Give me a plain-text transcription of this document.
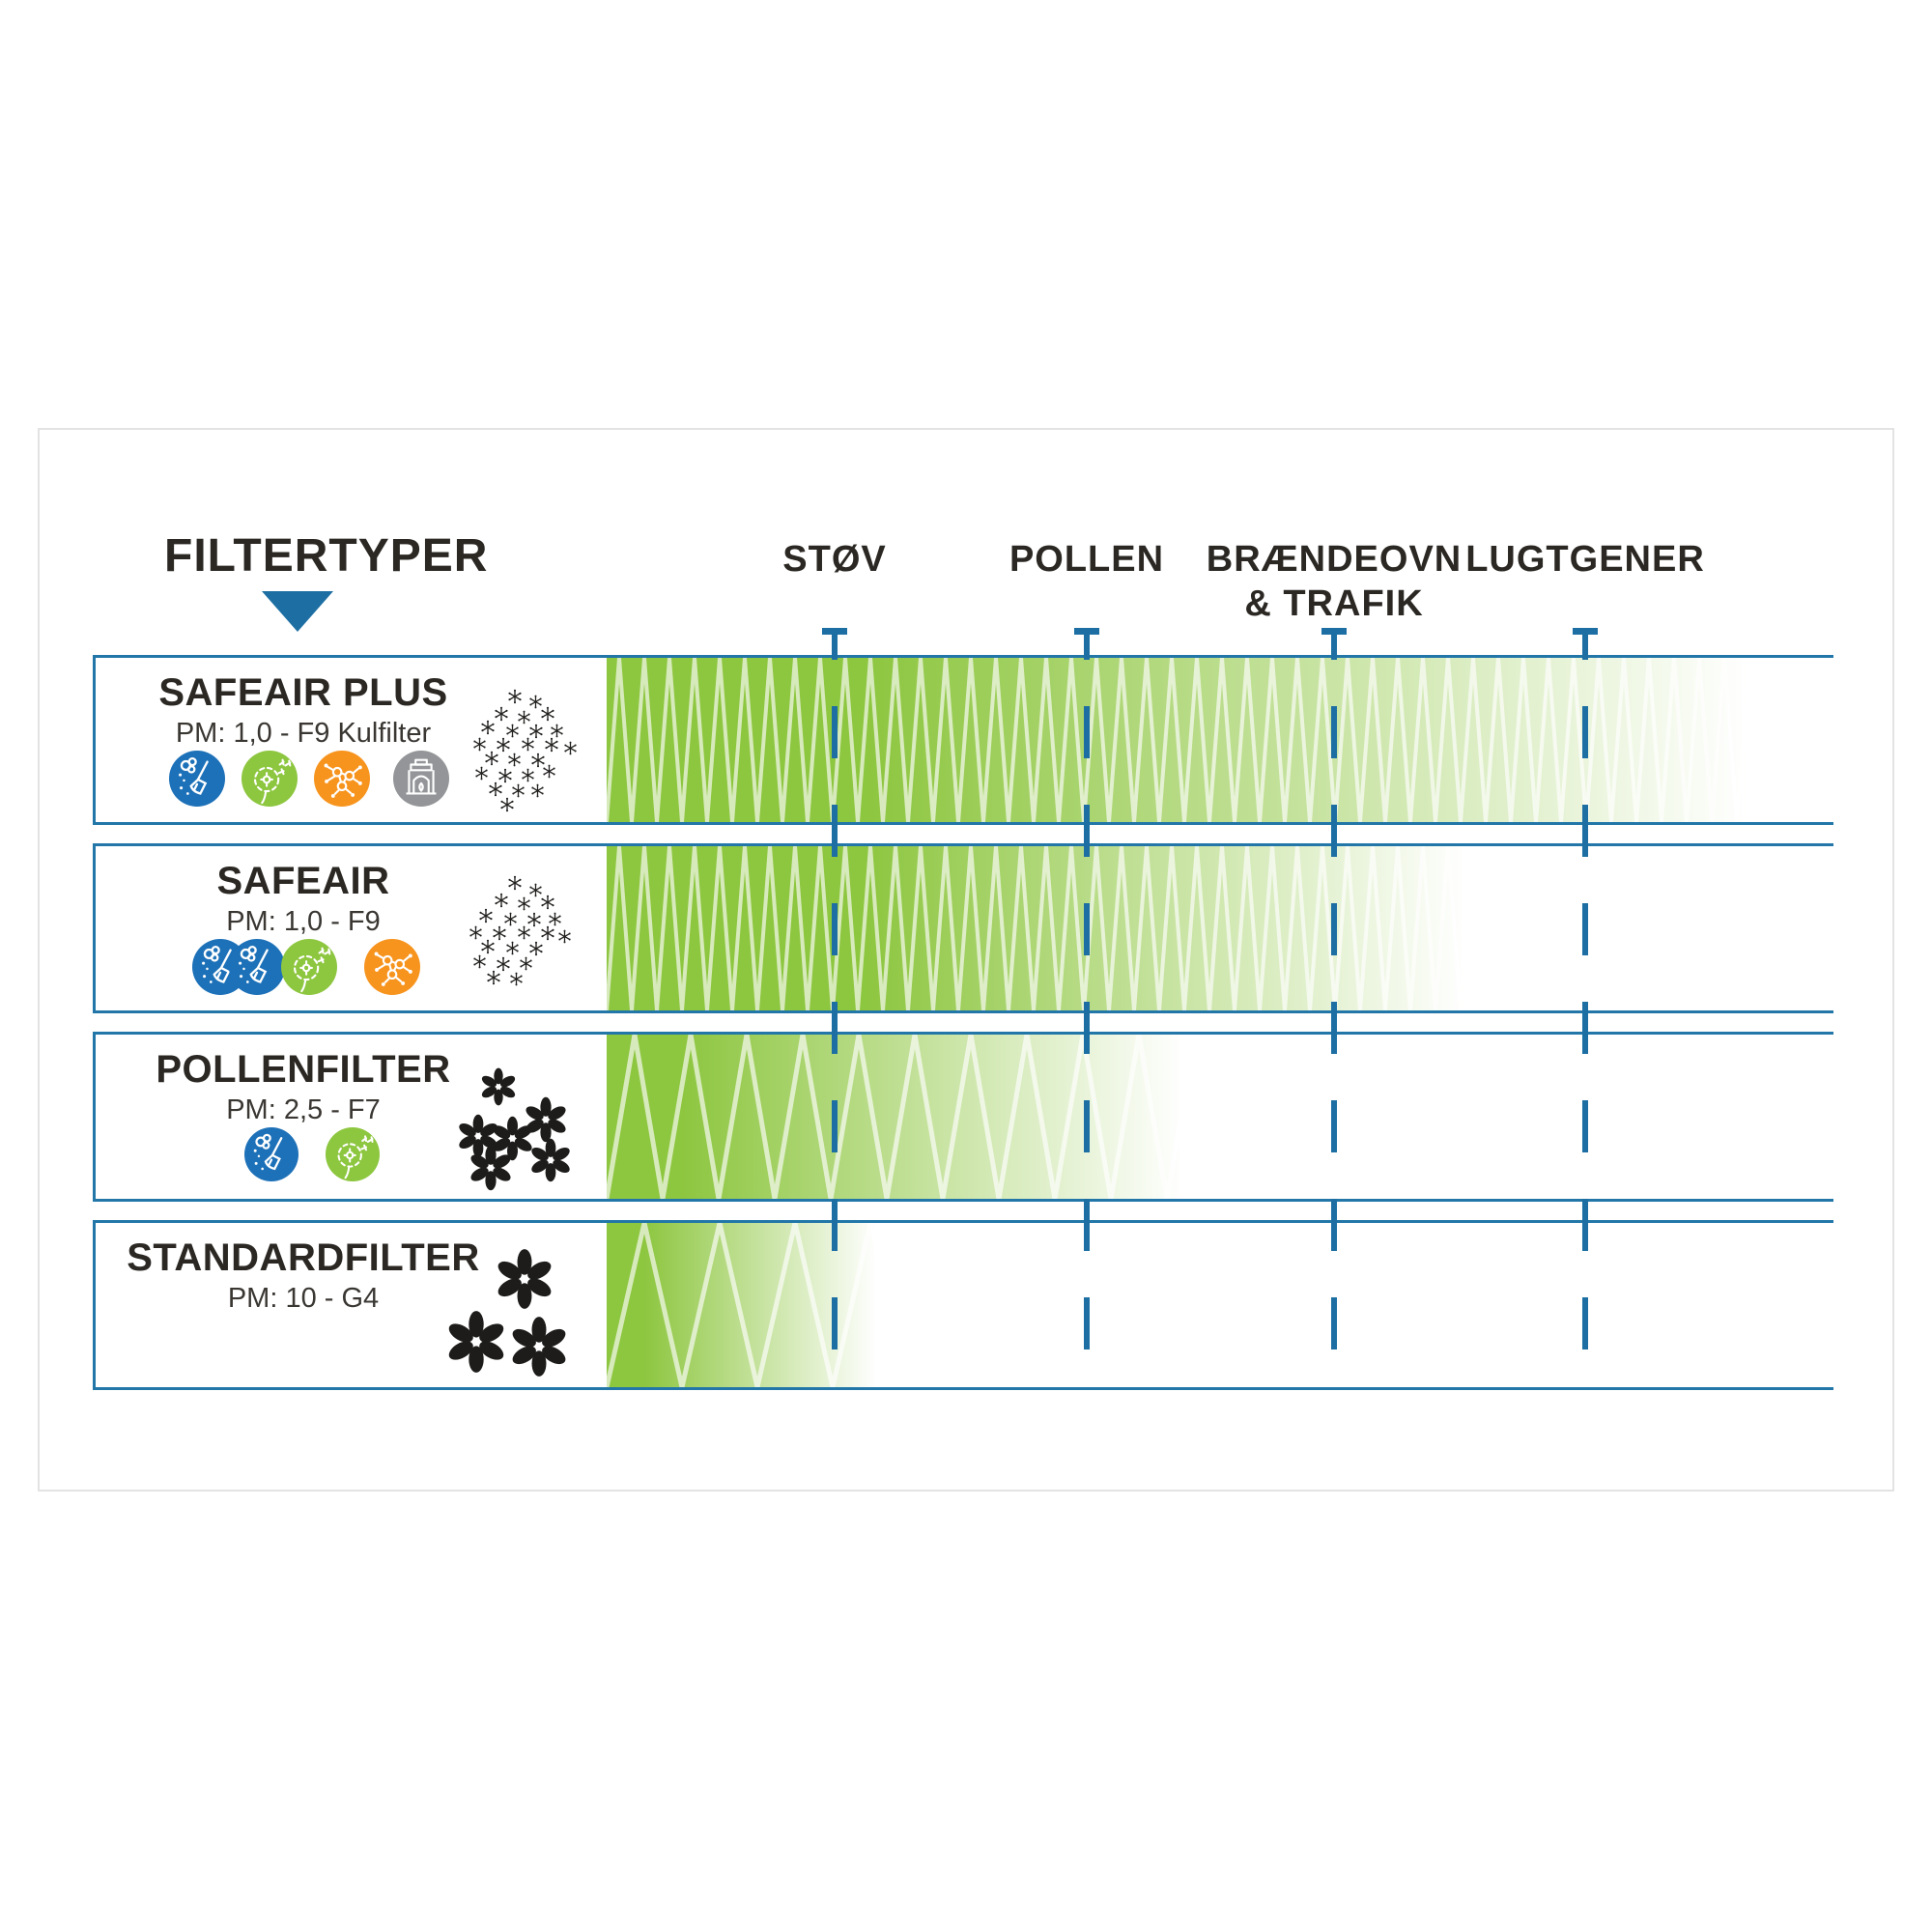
FILTERTYPER	STØV	POLLEN BRÆNDEOVN
& TRAFIK
LUGTGENER
SAFEAIR PLUS
PM: 1,0 - F9 Kulfilter
SAFEAIR
PM: 1,0 - F9
POLLENFILTER
PM: 2,5 - F7
STANDARDFILTER
PM: 10 - G4
